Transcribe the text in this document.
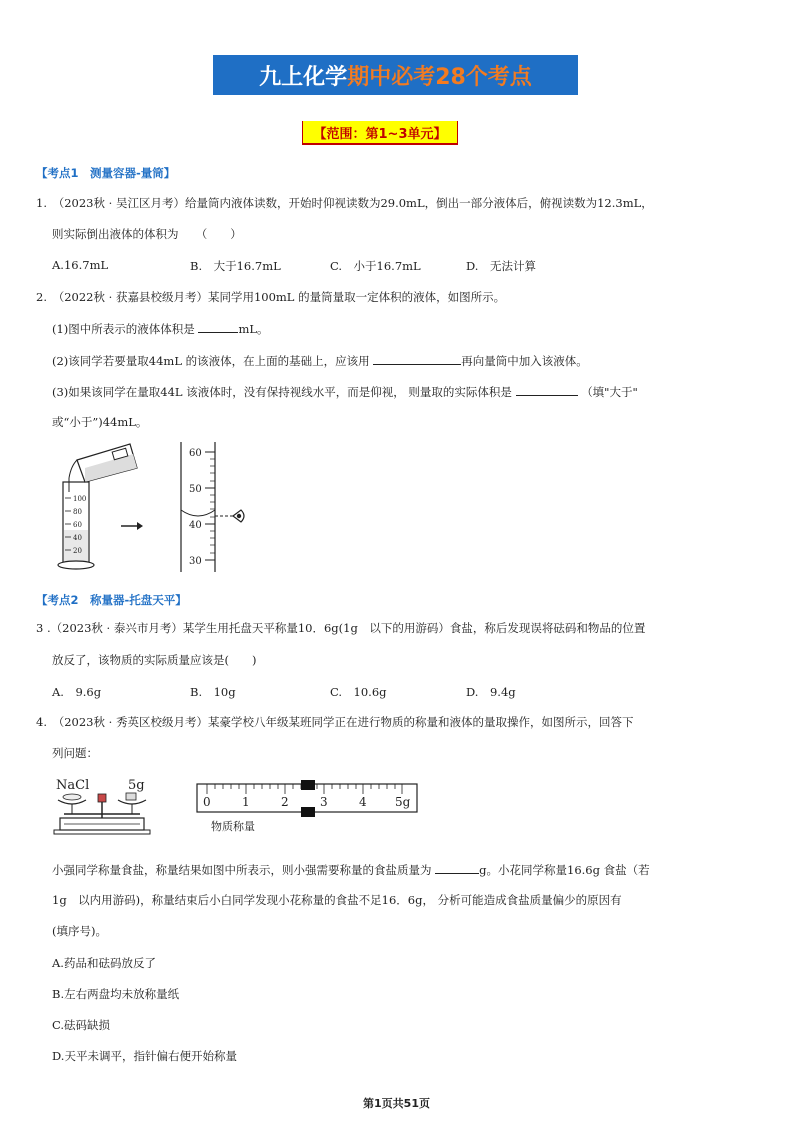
九上化学 期中必考28个考点
【范围：第1~3单元】
【考点1　测量容器-量筒】
1.　（2023秋 · 吴江区月考）给量筒内液体读数，开始时仰视读数为29.0mL，倒出一部分液体后，俯视读数为12.3mL，
则实际倒出液体的体积为　　（　　）
A.16.7mL	B.　大于16.7mL	C.　小于16.7mL	D.　无法计算
2.　（2022秋 · 获嘉县校级月考）某同学用100mL 的量筒量取一定体积的液体，如图所示。
(1)图中所表示的液体体积是	mL。
(2)该同学若要量取44mL 的该液体，在上面的基础上，应该用	再向量筒中加入该液体。
(3)如果该同学在量取44L 该液体时，没有保持视线水平，而是仰视， 则量取的实际体积是	（填"大于"
或“小于”)44mL。
100
80
60
40
20
60
50
40
30
【考点2　称量器-托盘天平】
3 .（2023秋 · 泰兴市月考）某学生用托盘天平称量10．6g(1g　以下的用游码）食盐，称后发现误将砝码和物品的位置
放反了，该物质的实际质量应该是(　　)
A.　9.6g	B.　10g	C.　10.6g	D.　9.4g
4.　（2023秋 · 秀英区校级月考）某豪学校八年级某班同学正在进行物质的称量和液体的量取操作，如图所示，回答下
列问题：
NaCl	5g
0	1	2	3	4 5g
物质称量
小强同学称量食盐，称量结果如图中所表示，则小强需要称量的食盐质量为	g。小花同学称量16.6g 食盐（若
1g　以内用游码)，称量结束后小白同学发现小花称量的食盐不足16．6g， 分析可能造成食盐质量偏少的原因有
(填序号)。
A.药品和砝码放反了
B.左右两盘均未放称量纸
C.砝码缺损
D.天平未调平，指针偏右便开始称量
第1页共51页
